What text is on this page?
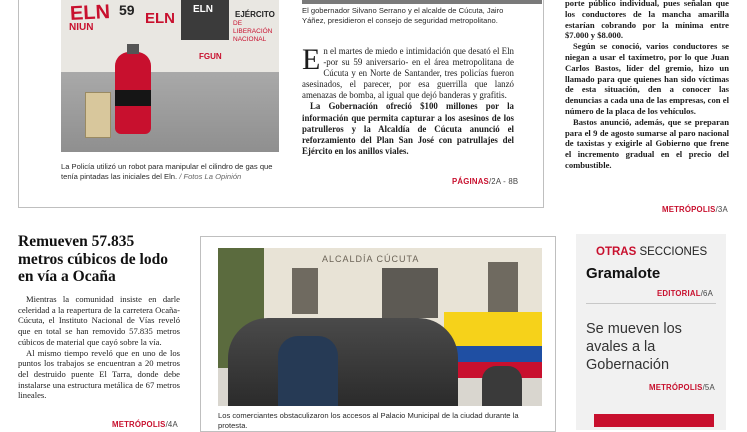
ELN 59
NIUN
ELN
ELN	EJÉRCITO
DE LIBERACIÓN NACIONAL
FGUN
La Policía utilizó un robot para manipular el cilindro de gas que tenía pintadas las iniciales del Eln. / Fotos La Opinión
El gobernador Silvano Serrano y el alcalde de Cúcuta, Jairo Yáñez, presidieron el consejo de seguridad metropolitano.
E n el martes de miedo e intimidación que desató el Eln -por su 59 aniversario- en el área metropolitana de Cúcuta y en Norte de Santander, tres policías fueron asesinados, el parecer, por esa guerrilla que lanzó amenazas de bomba, al igual que dejó banderas y grafitis.

La Gobernación ofreció $100 millones por la información que permita capturar a los asesinos de los patrulleros y la Alcaldía de Cúcuta anunció el reforzamiento del Plan San José con patrullajes del Ejército en los anillos viales.

PÁGINAS/2A - 8B

porte público individual, pues señalan que los conductores de la mancha amarilla estarían cobrando por la mínima entre $7.000 y $8.000.

Según se conoció, varios conductores se niegan a usar el taxímetro, por lo que Juan Carlos Bastos, líder del gremio, hizo un llamado para que quienes han sido víctimas de esta situación, den a conocer las denuncias a cada una de las empresas, con el número de la placa de los vehículos.

Bastos anunció, además, que se preparan para el 9 de agosto sumarse al paro nacional de taxistas y exigirle al Gobierno que frene el incremento gradual en el precio del combustible.

METRÓPOLIS/3A
Remueven 57.835 metros cúbicos de lodo en vía a Ocaña

Mientras la comunidad insiste en darle celeridad a la reapertura de la carretera Ocaña-Cúcuta, el Instituto Nacional de Vías reveló que en total se han removido 57.835 metros cúbicos de material que cayó sobre la vía.

Al mismo tiempo reveló que en uno de los puntos los trabajos se encuentran a 20 metros del destruido puente El Tarra, donde debe instalarse una estructura metálica de 67 metros lineales.

METRÓPOLIS/4A
ALCALDÍA CÚCUTA
Los comerciantes obstaculizaron los accesos al Palacio Municipal de la ciudad durante la protesta.
OTRAS SECCIONES
Gramalote
EDITORIAL/6A
Se mueven los avales a la Gobernación
METRÓPOLIS/5A
